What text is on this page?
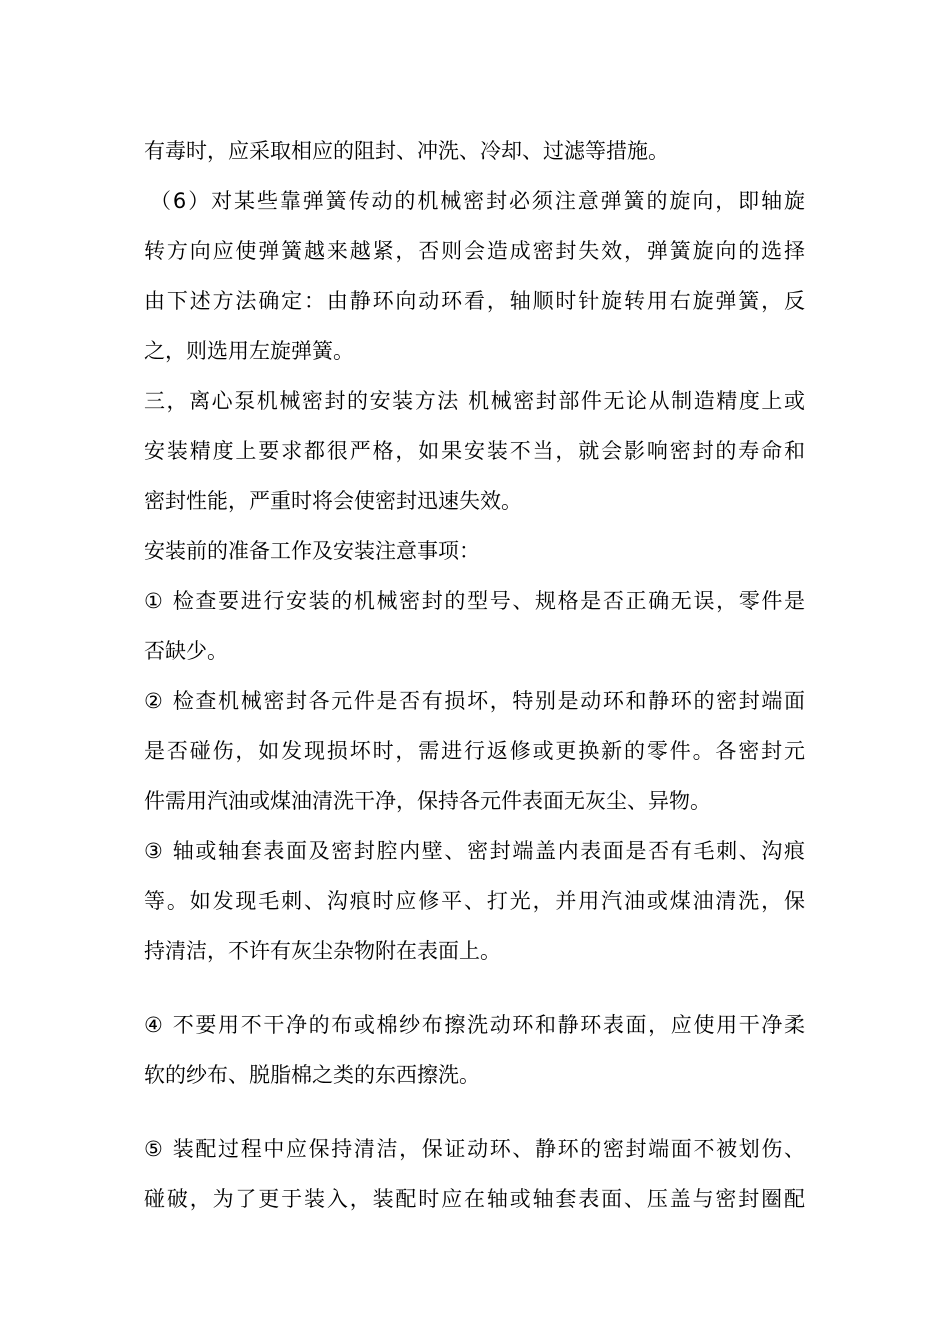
有毒时，应采取相应的阻封、冲洗、冷却、过滤等措施。
（6）对某些靠弹簧传动的机械密封必须注意弹簧的旋向，即轴旋
转方向应使弹簧越来越紧，否则会造成密封失效，弹簧旋向的选择
由下述方法确定：由静环向动环看，轴顺时针旋转用右旋弹簧，反
之，则选用左旋弹簧。
三，离心泵机械密封的安装方法 机械密封部件无论从制造精度上或
安装精度上要求都很严格，如果安装不当，就会影响密封的寿命和
密封性能，严重时将会使密封迅速失效。
安装前的准备工作及安装注意事项：
① 检查要进行安装的机械密封的型号、规格是否正确无误，零件是
否缺少。
② 检查机械密封各元件是否有损坏，特别是动环和静环的密封端面
是否碰伤，如发现损坏时，需进行返修或更换新的零件。各密封元
件需用汽油或煤油清洗干净，保持各元件表面无灰尘、异物。
③ 轴或轴套表面及密封腔内壁、密封端盖内表面是否有毛刺、沟痕
等。如发现毛刺、沟痕时应修平、打光，并用汽油或煤油清洗，保
持清洁，不许有灰尘杂物附在表面上。
④ 不要用不干净的布或棉纱布擦洗动环和静环表面，应使用干净柔
软的纱布、脱脂棉之类的东西擦洗。
⑤ 装配过程中应保持清洁，保证动环、静环的密封端面不被划伤、
碰破，为了更于装入，装配时应在轴或轴套表面、压盖与密封圈配
